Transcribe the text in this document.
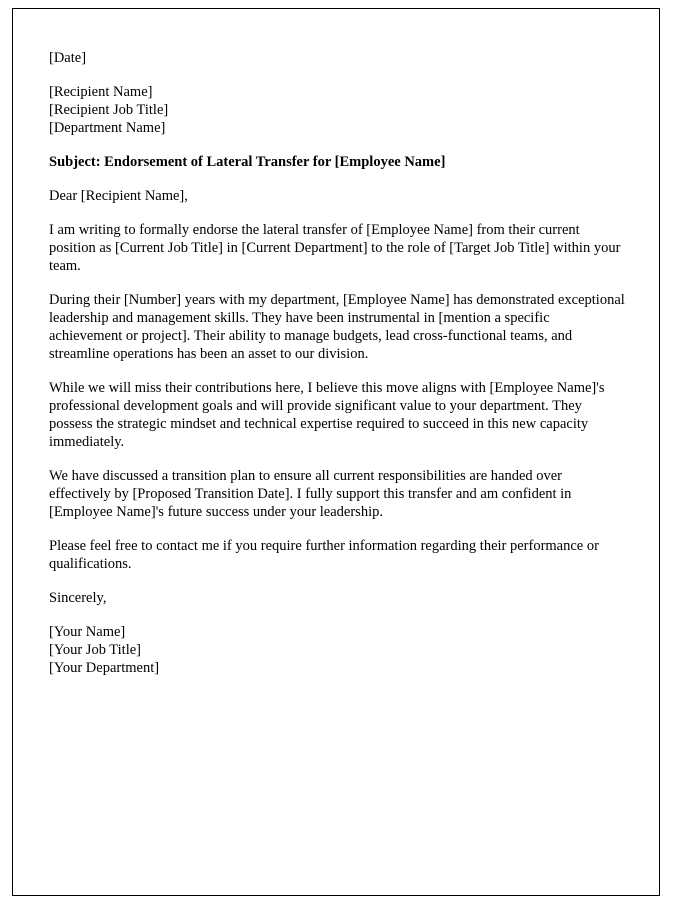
[Date]

[Recipient Name]

[Recipient Job Title]

[Department Name]

Subject: Endorsement of Lateral Transfer for [Employee Name]

Dear [Recipient Name],

I am writing to formally endorse the lateral transfer of [Employee Name] from their current position as [Current Job Title] in [Current Department] to the role of [Target Job Title] within your team.

During their [Number] years with my department, [Employee Name] has demonstrated exceptional leadership and management skills. They have been instrumental in [mention a specific achievement or project]. Their ability to manage budgets, lead cross-functional teams, and streamline operations has been an asset to our division.

While we will miss their contributions here, I believe this move aligns with [Employee Name]'s professional development goals and will provide significant value to your department. They possess the strategic mindset and technical expertise required to succeed in this new capacity immediately.

We have discussed a transition plan to ensure all current responsibilities are handed over effectively by [Proposed Transition Date]. I fully support this transfer and am confident in [Employee Name]'s future success under your leadership.

Please feel free to contact me if you require further information regarding their performance or qualifications.

Sincerely,

[Your Name]

[Your Job Title]

[Your Department]
